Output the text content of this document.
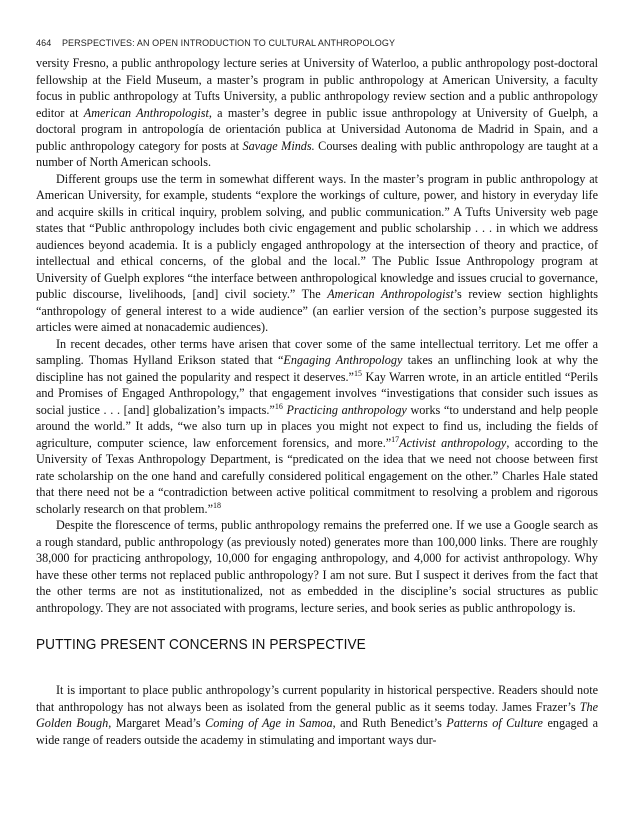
464 PERSPECTIVES: AN OPEN INTRODUCTION TO CULTURAL ANTHROPOLOGY

versity Fresno, a public anthropology lecture series at University of Waterloo, a public anthropology post-doctoral fellowship at the Field Museum, a master’s program in public anthropology at American University, a faculty focus in public anthropology at Tufts University, a public anthropology review section and a public anthropology editor at American Anthropologist, a master’s degree in public issue anthropology at University of Guelph, a doctoral program in antropología de orientación publica at Universidad Autonoma de Madrid in Spain, and a public anthropology category for posts at Savage Minds. Courses dealing with public anthropology are taught at a number of North American schools.

Different groups use the term in somewhat different ways. In the master’s program in public anthropology at American University, for example, students “explore the workings of culture, power, and history in everyday life and acquire skills in critical inquiry, problem solving, and public communication.” A Tufts University web page states that “Public anthropology includes both civic engagement and public scholarship . . . in which we address audiences beyond academia. It is a publicly engaged anthropology at the intersection of theory and practice, of intellectual and ethical concerns, of the global and the local.” The Public Issue Anthropology program at University of Guelph explores “the interface between anthropological knowledge and issues crucial to governance, public discourse, livelihoods, [and] civil society.” The American Anthropologist’s review section highlights “anthropology of general interest to a wide audience” (an earlier version of the section’s purpose suggested its articles were aimed at nonacademic audiences).

In recent decades, other terms have arisen that cover some of the same intellectual territory. Let me offer a sampling. Thomas Hylland Erikson stated that “Engaging Anthropology takes an unflinching look at why the discipline has not gained the popularity and respect it deserves.”$^{15}$ Kay Warren wrote, in an article entitled “Perils and Promises of Engaged Anthropology,” that engagement involves “investigations that consider such issues as social justice . . . [and] globalization’s impacts.”$^{16}$ Practicing anthropology works “to understand and help people around the world.” It adds, “we also turn up in places you might not expect to find us, including the fields of agriculture, computer science, law enforcement forensics, and more.”$^{17}$Activist anthropology, according to the University of Texas Anthropology Department, is “predicated on the idea that we need not choose between first rate scholarship on the one hand and carefully considered political engagement on the other.” Charles Hale stated that there need not be a “contradiction between active political commitment to resolving a problem and rigorous scholarly research on that problem.”$^{18}$

Despite the florescence of terms, public anthropology remains the preferred one. If we use a Google search as a rough standard, public anthropology (as previously noted) generates more than 100,000 links. There are roughly 38,000 for practicing anthropology, 10,000 for engaging anthropology, and 4,000 for activist anthropology. Why have these other terms not replaced public anthropology? I am not sure. But I suspect it derives from the fact that the other terms are not as institutionalized, not as embedded in the discipline’s social structures as public anthropology. They are not associated with programs, lecture series, and book series as public anthropology is.

PUTTING PRESENT CONCERNS IN PERSPECTIVE

It is important to place public anthropology’s current popularity in historical perspective. Readers should note that anthropology has not always been as isolated from the general public as it seems today. James Frazer’s The Golden Bough, Margaret Mead’s Coming of Age in Samoa, and Ruth Benedict’s Patterns of Culture engaged a wide range of readers outside the academy in stimulating and important ways dur-
